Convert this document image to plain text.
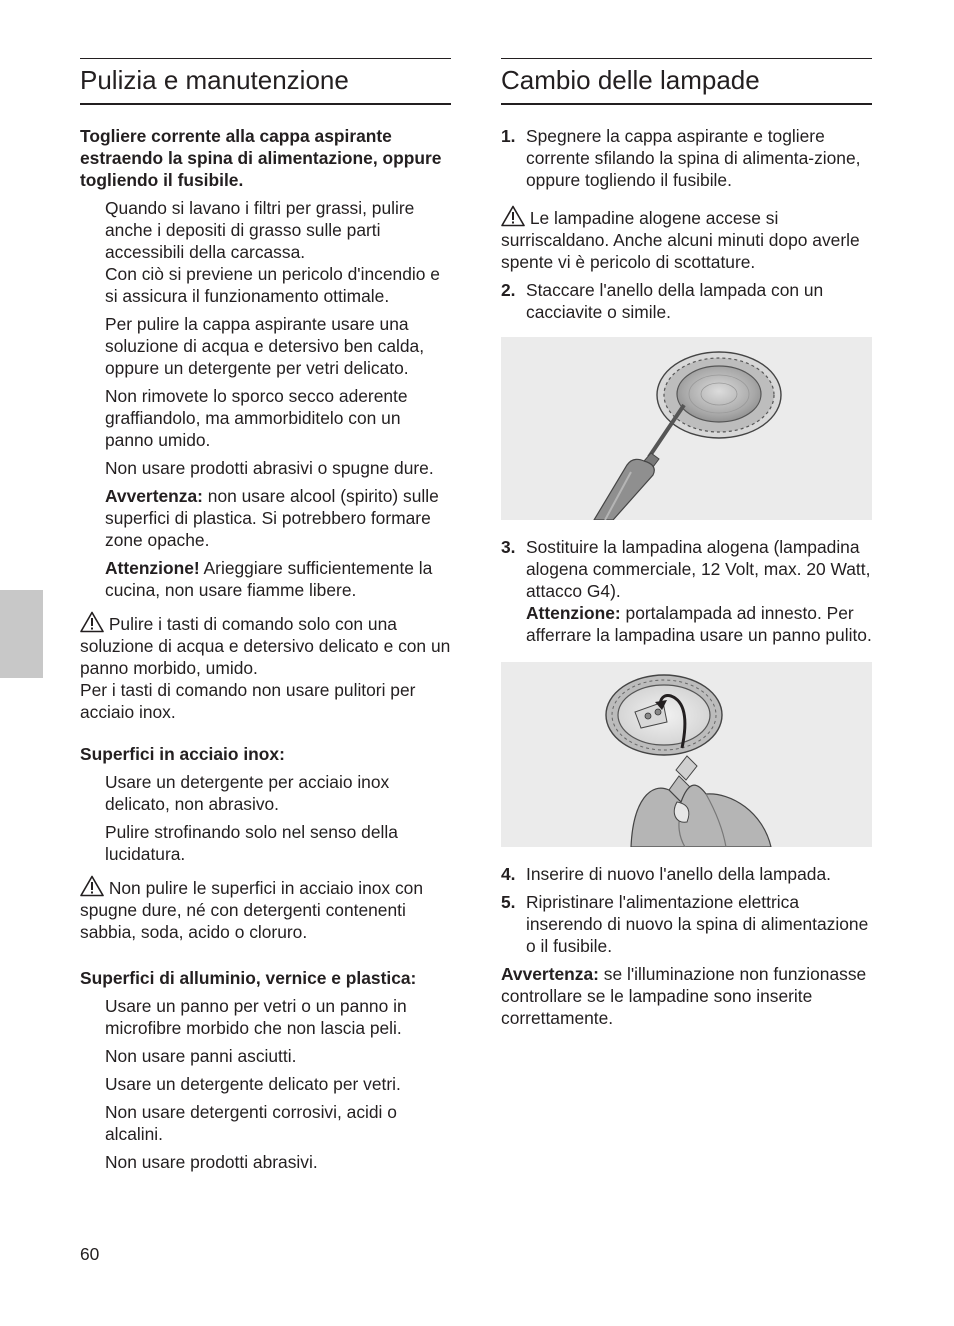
Pulizia e manutenzione

Togliere corrente alla cappa aspirante estraendo la spina di alimentazione, oppure togliendo il fusibile.

Quando si lavano i filtri per grassi, pulire anche i depositi di grasso sulle parti accessibili della carcassa.
Con ciò si previene un pericolo d'incendio e si assicura il funzionamento ottimale.

Per pulire la cappa aspirante usare una soluzione di acqua e detersivo ben calda, oppure un detergente per vetri delicato.

Non rimovete lo sporco secco aderente graffiandolo, ma ammorbiditelo con un panno umido.

Non usare prodotti abrasivi o spugne dure.

Avvertenza: non usare alcool (spirito) sulle superfici di plastica. Si potrebbero formare zone opache.

Attenzione! Arieggiare sufficientemente la cucina, non usare fiamme libere.

Pulire i tasti di comando solo con una soluzione di acqua e detersivo delicato e con un panno morbido, umido.
Per i tasti di comando non usare pulitori per acciaio inox.

Superfici in acciaio inox:

Usare un detergente per acciaio inox delicato, non abrasivo.

Pulire strofinando solo nel senso della lucidatura.

Non pulire le superfici in acciaio inox con spugne dure, né con detergenti contenenti sabbia, soda, acido o cloruro.

Superfici di alluminio, vernice e plastica:

Usare un panno per vetri o un panno in microfibre morbido che non lascia peli.

Non usare panni asciutti.

Usare un detergente delicato per vetri.

Non usare detergenti corrosivi, acidi o alcalini.

Non usare prodotti abrasivi.

Cambio delle lampade
1. Spegnere la cappa aspirante e togliere corrente sfilando la spina di alimenta-zione, oppure togliendo il fusibile.

Le lampadine alogene accese si surriscaldano. Anche alcuni minuti dopo averle spente vi è pericolo di scottature.

2. Staccare l'anello della lampada con un cacciavite o simile.
3. Sostituire la lampadina alogena (lampadina alogena commerciale, 12 Volt, max. 20 Watt, attacco G4).
Attenzione: portalampada ad innesto. Per afferrare la lampadina usare un panno pulito.
4. Inserire di nuovo l'anello della lampada.
5. Ripristinare l'alimentazione elettrica inserendo di nuovo la spina di alimentazione o il fusibile.

Avvertenza: se l'illuminazione non funzionasse controllare se le lampadine sono inserite correttamente.

60
